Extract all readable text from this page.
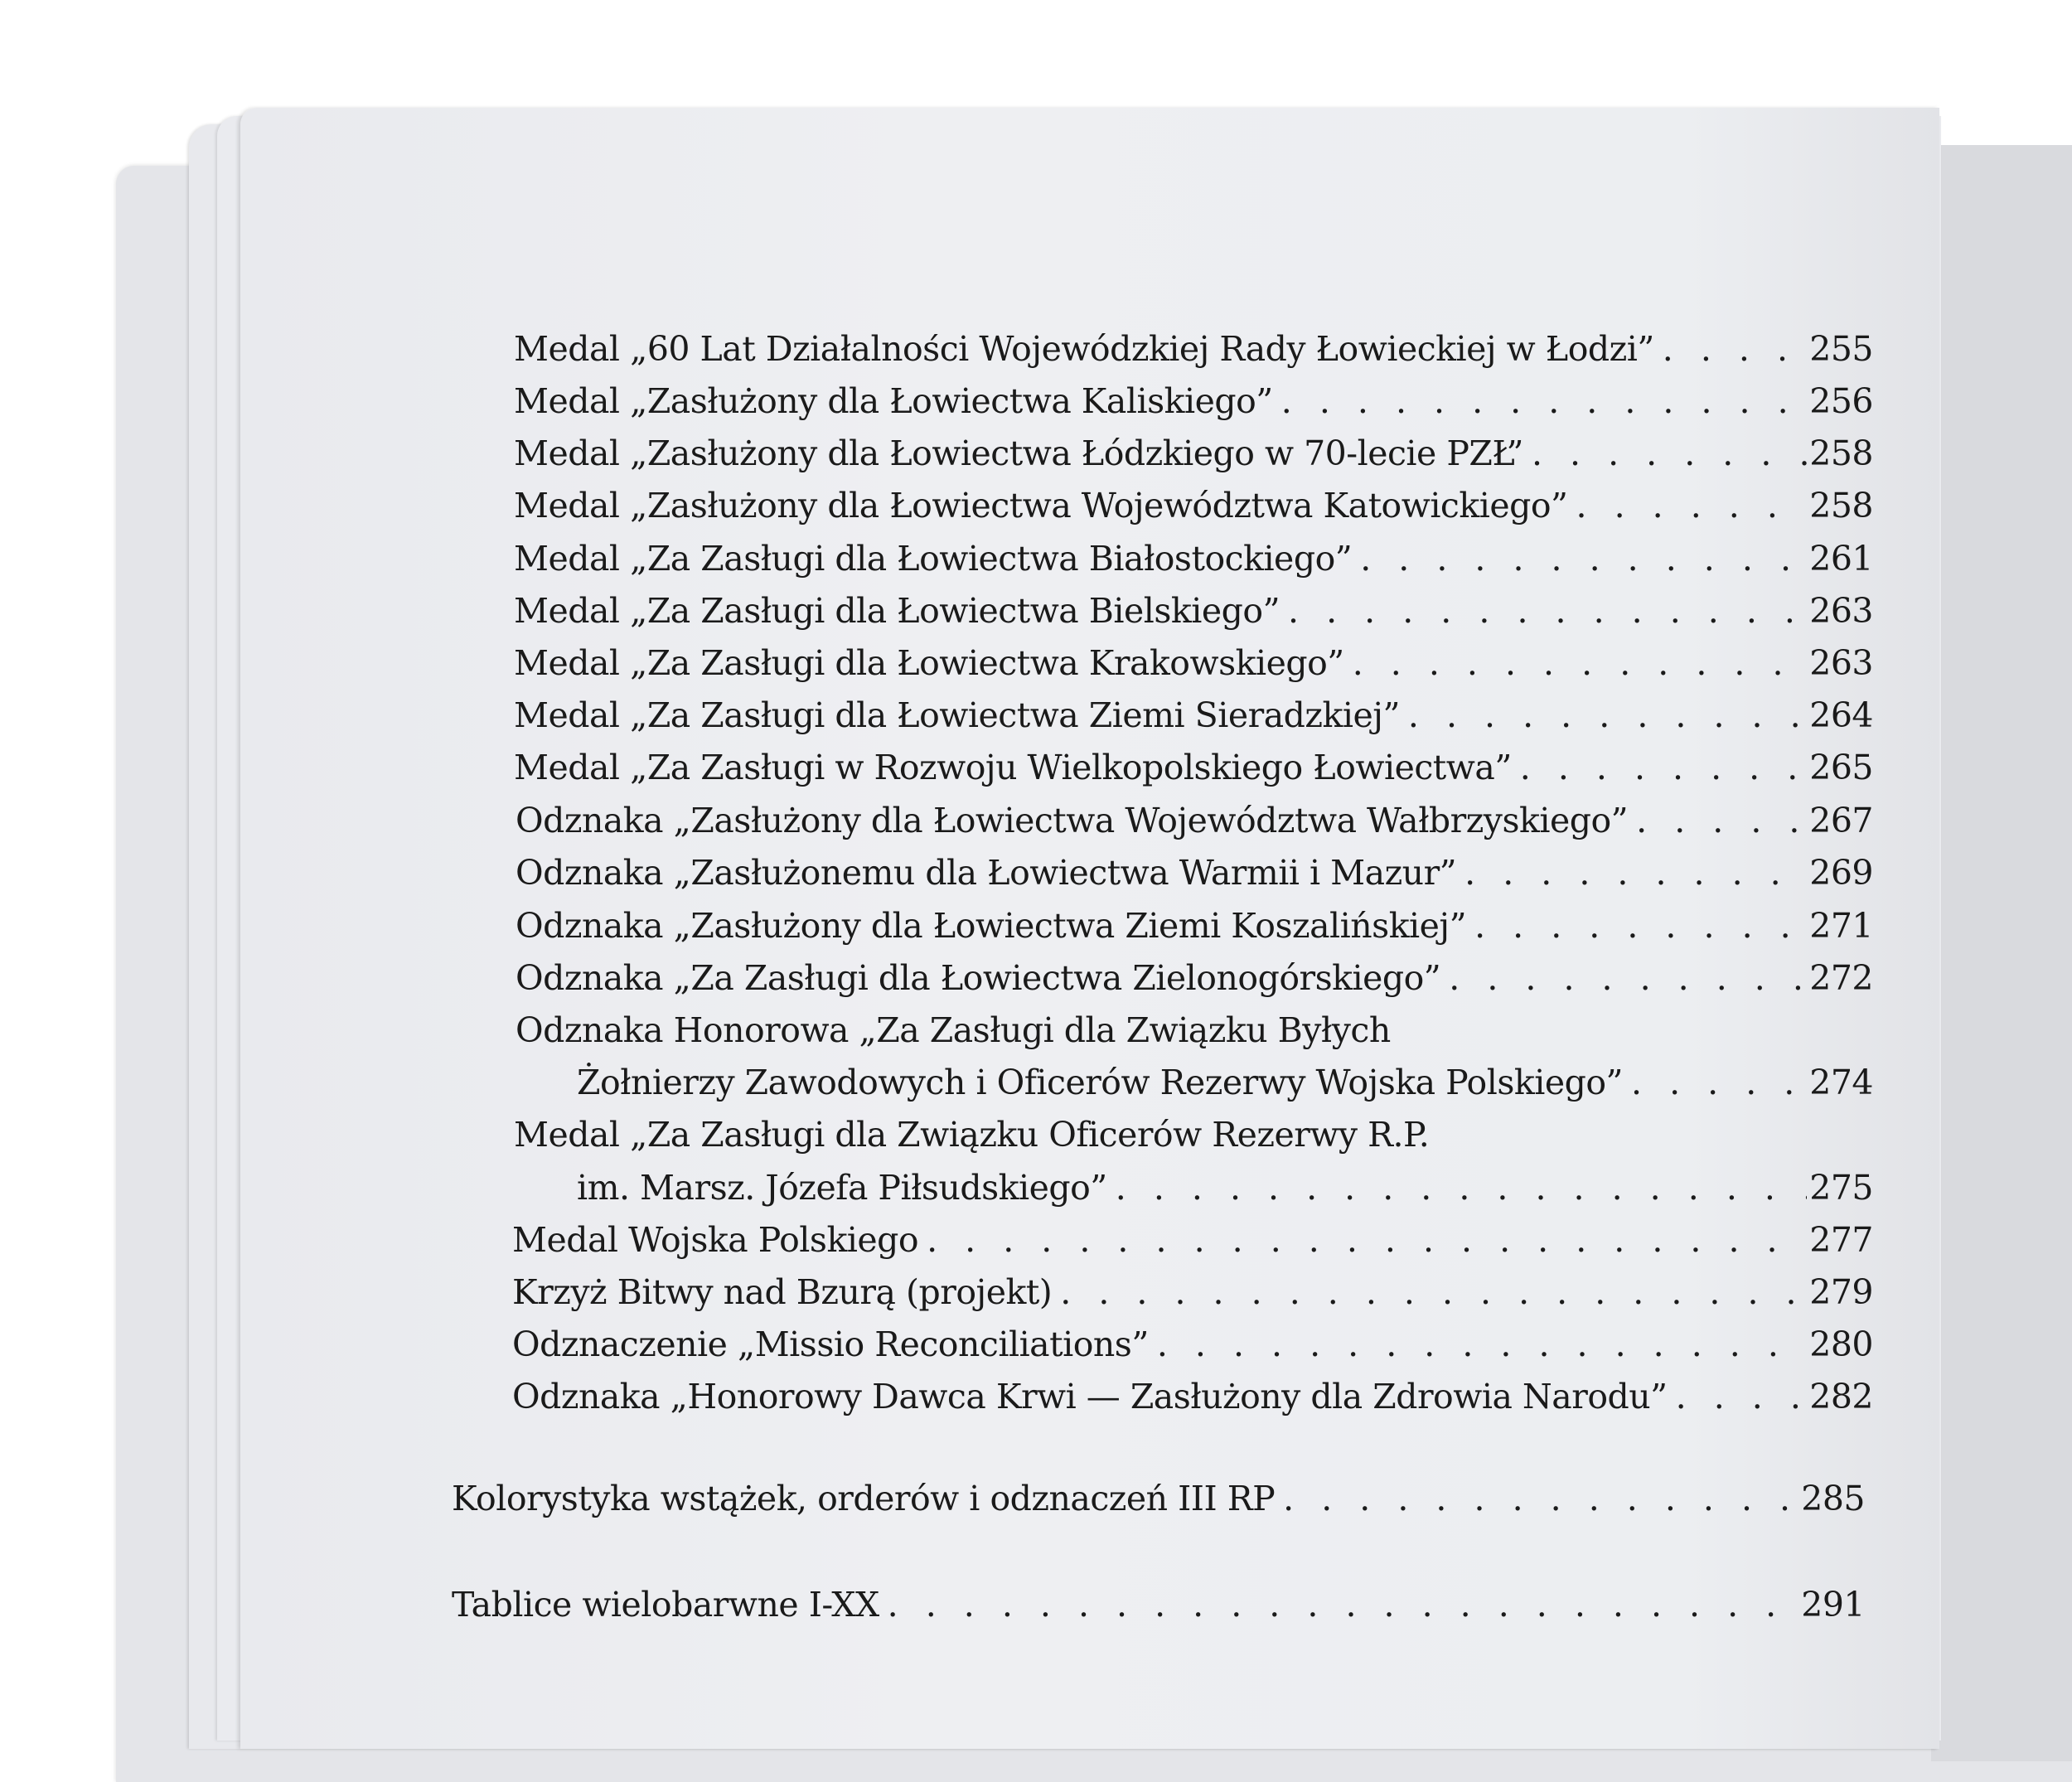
Medal „60 Lat Działalności Wojewódzkiej Rady Łowieckiej w Łodzi” . . .	255
Medal „Zasłużony dla Łowiectwa Kaliskiego” . . .	256
Medal „Zasłużony dla Łowiectwa Łódzkiego w 70-lecie PZŁ” . . .	258
Medal „Zasłużony dla Łowiectwa Województwa Katowickiego” . . .	258
Medal „Za Zasługi dla Łowiectwa Białostockiego” . . .	261
Medal „Za Zasługi dla Łowiectwa Bielskiego” . . .	263
Medal „Za Zasługi dla Łowiectwa Krakowskiego” . . .	263
Medal „Za Zasługi dla Łowiectwa Ziemi Sieradzkiej” . . .	264
Medal „Za Zasługi w Rozwoju Wielkopolskiego Łowiectwa” . . .	265
Odznaka „Zasłużony dla Łowiectwa Województwa Wałbrzyskiego” . . .	267
Odznaka „Zasłużonemu dla Łowiectwa Warmii i Mazur” . . .	269
Odznaka „Zasłużony dla Łowiectwa Ziemi Koszalińskiej” . . .	271
Odznaka „Za Zasługi dla Łowiectwa Zielonogórskiego” . . .	272
Odznaka Honorowa „Za Zasługi dla Związku Byłych
Żołnierzy Zawodowych i Oficerów Rezerwy Wojska Polskiego” . . .	274
Medal „Za Zasługi dla Związku Oficerów Rezerwy R.P.
im. Marsz. Józefa Piłsudskiego” . . .	275
Medal Wojska Polskiego . . .	277
Krzyż Bitwy nad Bzurą (projekt) . . .	279
Odznaczenie „Missio Reconciliations” . . .	280
Odznaka „Honorowy Dawca Krwi — Zasłużony dla Zdrowia Narodu” . . .	282
Kolorystyka wstążek, orderów i odznaczeń III RP . . .	285
Tablice wielobarwne I-XX . . .	291
